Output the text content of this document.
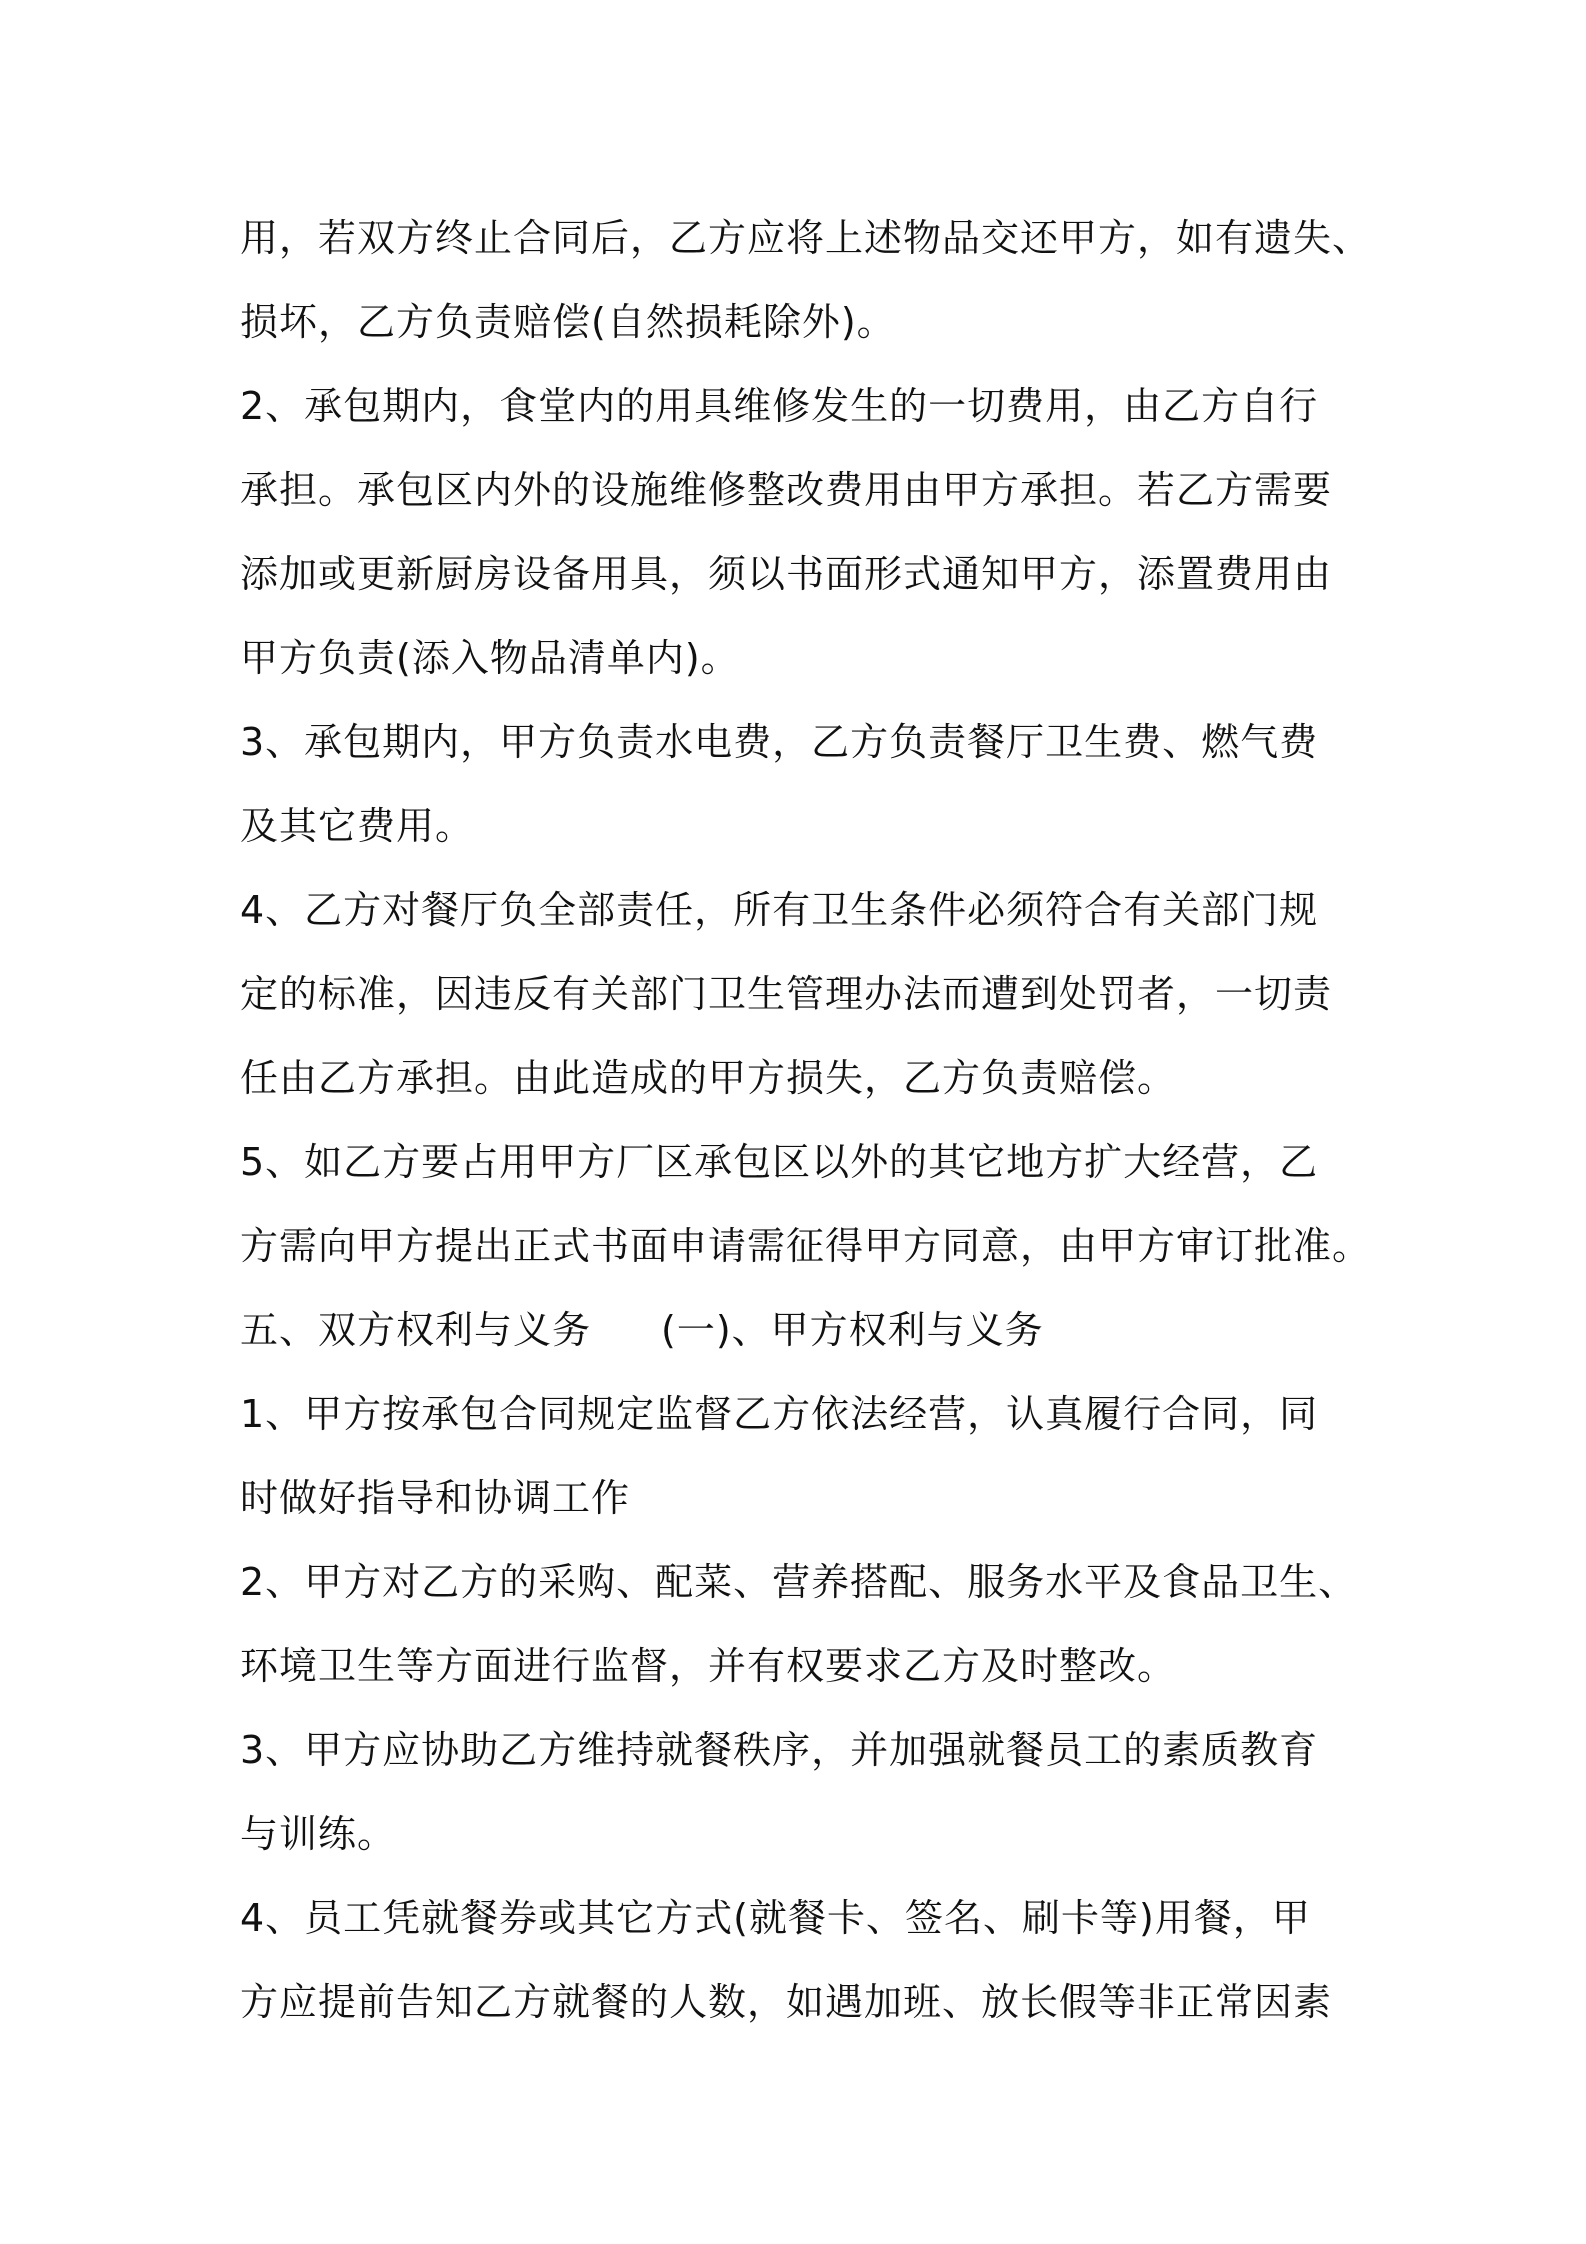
用，若双方终止合同后，乙方应将上述物品交还甲方，如有遗失、
损坏，乙方负责赔偿(自然损耗除外)。
2、承包期内，食堂内的用具维修发生的一切费用，由乙方自行
承担。承包区内外的设施维修整改费用由甲方承担。若乙方需要
添加或更新厨房设备用具，须以书面形式通知甲方，添置费用由
甲方负责(添入物品清单内)。
3、承包期内，甲方负责水电费，乙方负责餐厅卫生费、燃气费
及其它费用。
4、乙方对餐厅负全部责任，所有卫生条件必须符合有关部门规
定的标准，因违反有关部门卫生管理办法而遭到处罚者，一切责
任由乙方承担。由此造成的甲方损失，乙方负责赔偿。
5、如乙方要占用甲方厂区承包区以外的其它地方扩大经营，乙
方需向甲方提出正式书面申请需征得甲方同意，由甲方审订批准。
五、双方权利与义务 (一)、甲方权利与义务
1、甲方按承包合同规定监督乙方依法经营，认真履行合同，同
时做好指导和协调工作
2、甲方对乙方的采购、配菜、营养搭配、服务水平及食品卫生、
环境卫生等方面进行监督，并有权要求乙方及时整改。
3、甲方应协助乙方维持就餐秩序，并加强就餐员工的素质教育
与训练。
4、员工凭就餐券或其它方式(就餐卡、签名、刷卡等)用餐，甲
方应提前告知乙方就餐的人数，如遇加班、放长假等非正常因素
